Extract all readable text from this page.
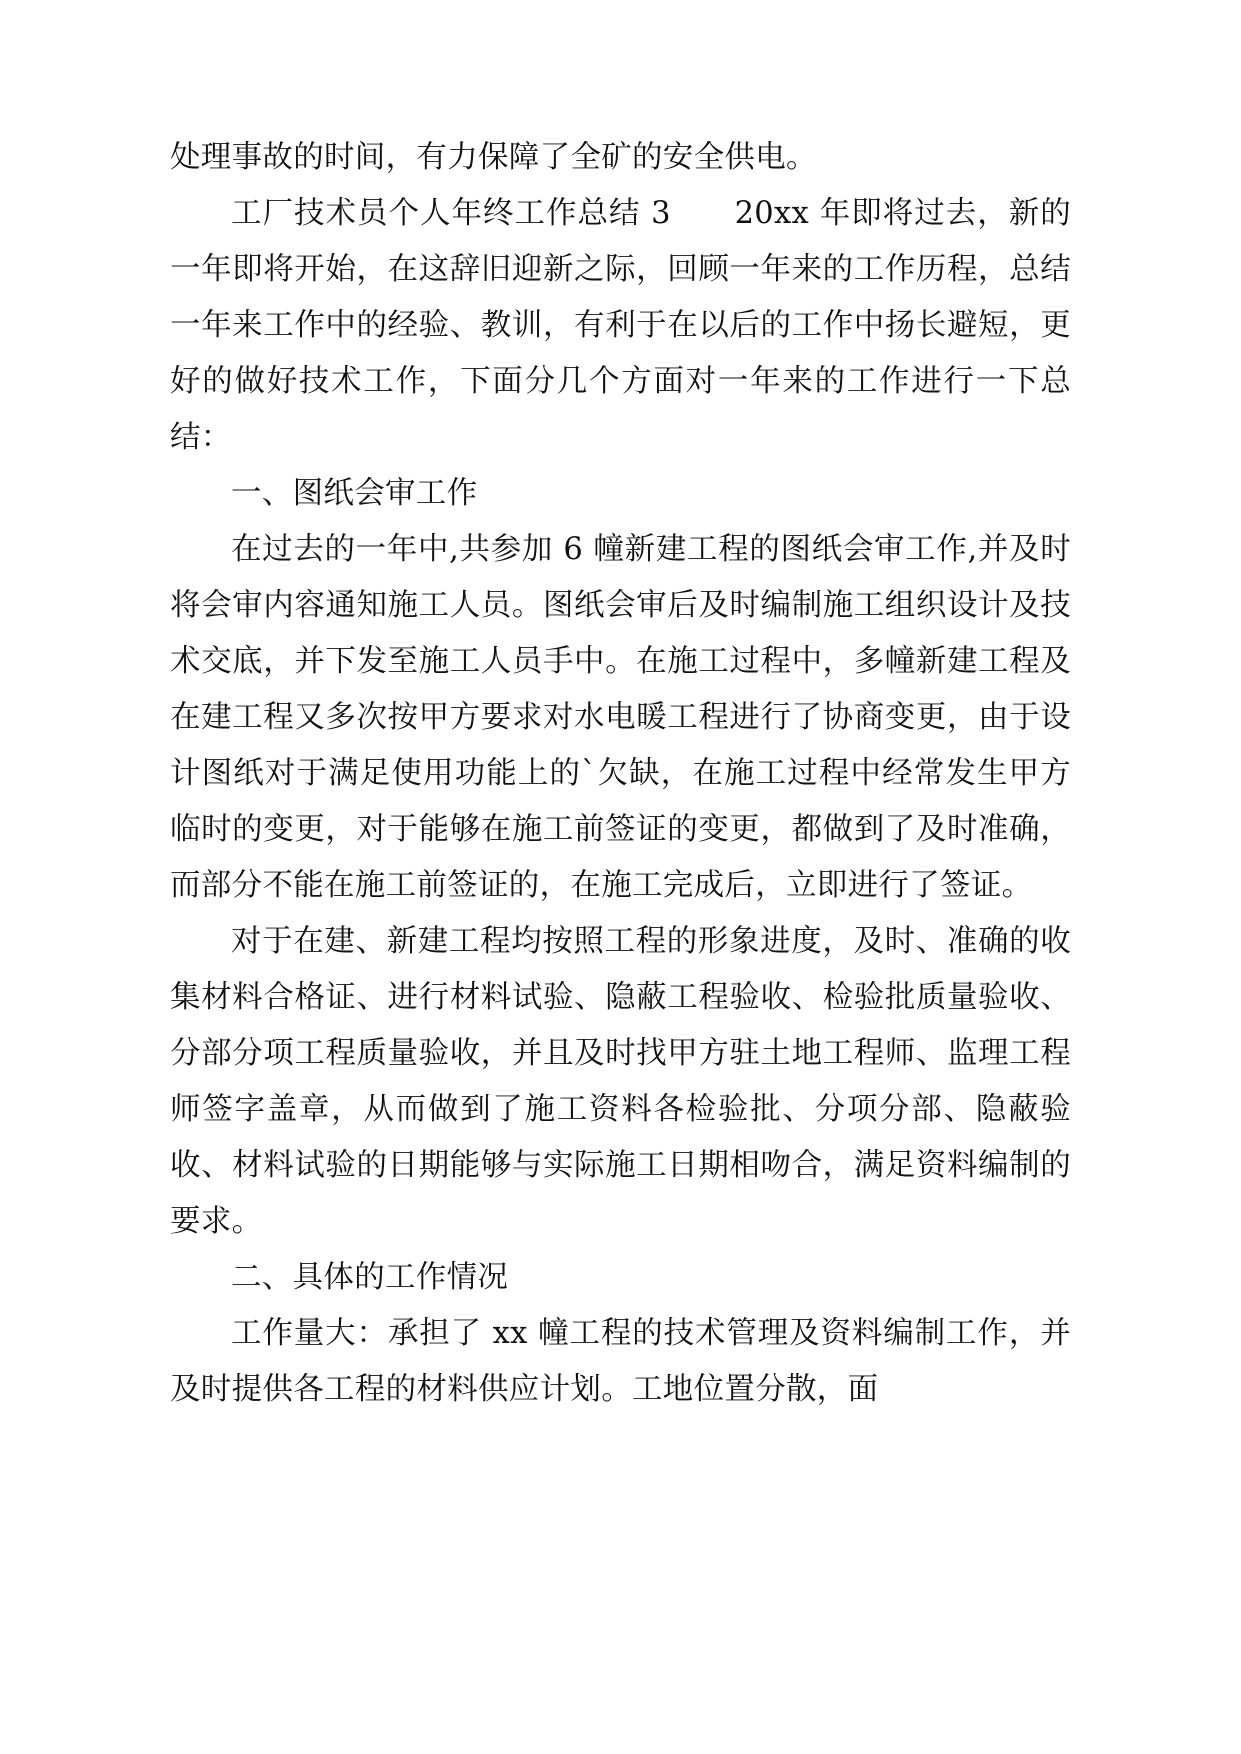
处理事故的时间，有力保障了全矿的安全供电。

工厂技术员个人年终工作总结 3　　20xx 年即将过去，新的一年即将开始，在这辞旧迎新之际，回顾一年来的工作历程，总结一年来工作中的经验、教训，有利于在以后的工作中扬长避短，更好的做好技术工作，下面分几个方面对一年来的工作进行一下总结：

一、图纸会审工作

在过去的一年中,共参加 6 幢新建工程的图纸会审工作,并及时将会审内容通知施工人员。图纸会审后及时编制施工组织设计及技术交底，并下发至施工人员手中。在施工过程中，多幢新建工程及在建工程又多次按甲方要求对水电暖工程进行了协商变更，由于设计图纸对于满足使用功能上的`欠缺，在施工过程中经常发生甲方临时的变更，对于能够在施工前签证的变更，都做到了及时准确，而部分不能在施工前签证的，在施工完成后，立即进行了签证。

对于在建、新建工程均按照工程的形象进度，及时、准确的收集材料合格证、进行材料试验、隐蔽工程验收、检验批质量验收、分部分项工程质量验收，并且及时找甲方驻土地工程师、监理工程师签字盖章，从而做到了施工资料各检验批、分项分部、隐蔽验收、材料试验的日期能够与实际施工日期相吻合，满足资料编制的要求。

二、具体的工作情况

工作量大：承担了 xx 幢工程的技术管理及资料编制工作，并及时提供各工程的材料供应计划。工地位置分散，面
